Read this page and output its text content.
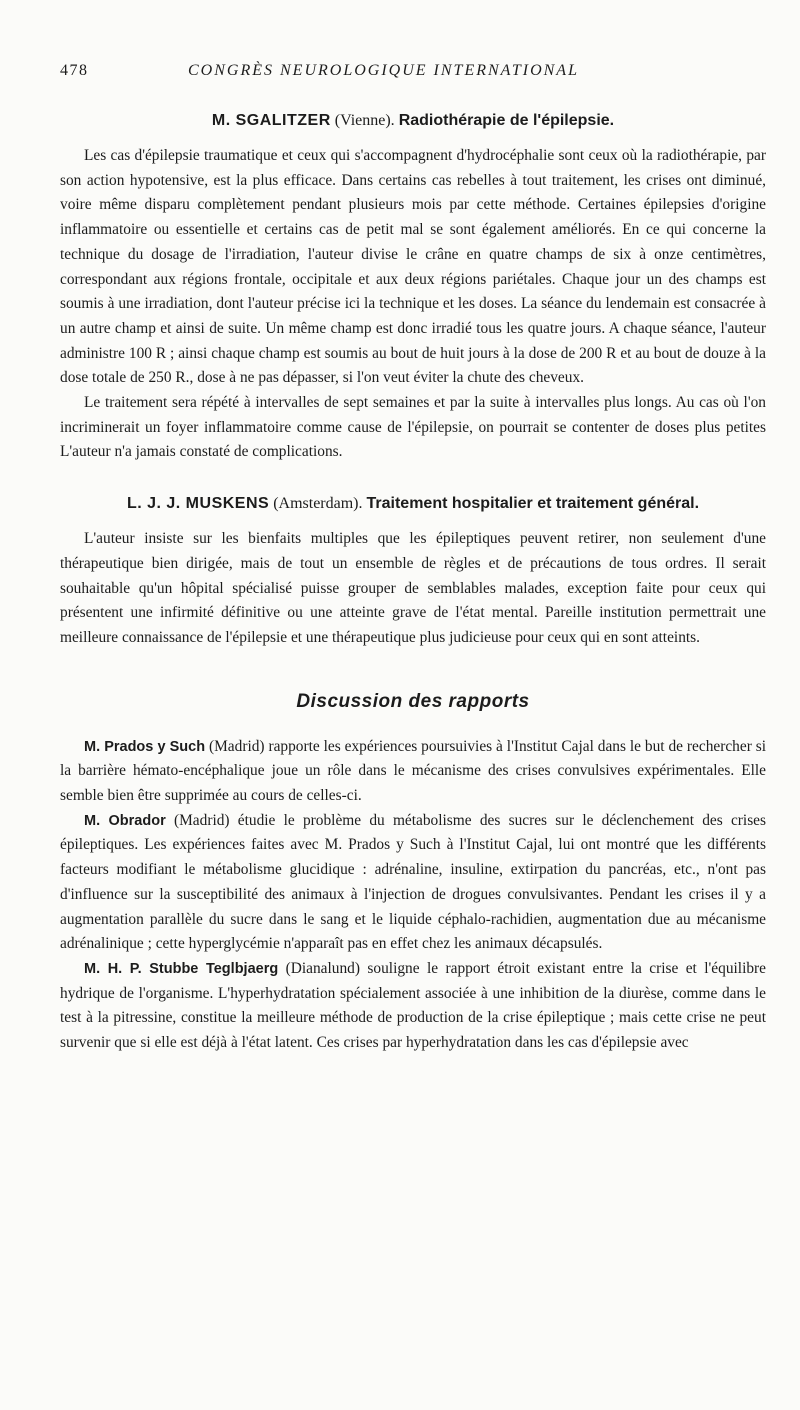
478	CONGRÈS NEUROLOGIQUE INTERNATIONAL
M. SGALITZER (Vienne). Radiothérapie de l'épilepsie.

Les cas d'épilepsie traumatique et ceux qui s'accompagnent d'hydrocéphalie sont ceux où la radiothérapie, par son action hypotensive, est la plus efficace. Dans certains cas rebelles à tout traitement, les crises ont diminué, voire même disparu complètement pendant plusieurs mois par cette méthode. Certaines épilepsies d'origine inflammatoire ou essentielle et certains cas de petit mal se sont également améliorés. En ce qui concerne la technique du dosage de l'irradiation, l'auteur divise le crâne en quatre champs de six à onze centimètres, correspondant aux régions frontale, occipitale et aux deux régions pariétales. Chaque jour un des champs est soumis à une irradiation, dont l'auteur précise ici la technique et les doses. La séance du lendemain est consacrée à un autre champ et ainsi de suite. Un même champ est donc irradié tous les quatre jours. A chaque séance, l'auteur administre 100 R ; ainsi chaque champ est soumis au bout de huit jours à la dose de 200 R et au bout de douze à la dose totale de 250 R., dose à ne pas dépasser, si l'on veut éviter la chute des cheveux.

Le traitement sera répété à intervalles de sept semaines et par la suite à intervalles plus longs. Au cas où l'on incriminerait un foyer inflammatoire comme cause de l'épilepsie, on pourrait se contenter de doses plus petites L'auteur n'a jamais constaté de complications.

L. J. J. MUSKENS (Amsterdam). Traitement hospitalier et traitement général.

L'auteur insiste sur les bienfaits multiples que les épileptiques peuvent retirer, non seulement d'une thérapeutique bien dirigée, mais de tout un ensemble de règles et de précautions de tous ordres. Il serait souhaitable qu'un hôpital spécialisé puisse grouper de semblables malades, exception faite pour ceux qui présentent une infirmité définitive ou une atteinte grave de l'état mental. Pareille institution permettrait une meilleure connaissance de l'épilepsie et une thérapeutique plus judicieuse pour ceux qui en sont atteints.

Discussion des rapports

M. Prados y Such (Madrid) rapporte les expériences poursuivies à l'Institut Cajal dans le but de rechercher si la barrière hémato-encéphalique joue un rôle dans le mécanisme des crises convulsives expérimentales. Elle semble bien être supprimée au cours de celles-ci.

M. Obrador (Madrid) étudie le problème du métabolisme des sucres sur le déclenchement des crises épileptiques. Les expériences faites avec M. Prados y Such à l'Institut Cajal, lui ont montré que les différents facteurs modifiant le métabolisme glucidique : adrénaline, insuline, extirpation du pancréas, etc., n'ont pas d'influence sur la susceptibilité des animaux à l'injection de drogues convulsivantes. Pendant les crises il y a augmentation parallèle du sucre dans le sang et le liquide céphalo-rachidien, augmentation due au mécanisme adrénalinique ; cette hyperglycémie n'apparaît pas en effet chez les animaux décapsulés.

M. H. P. Stubbe Teglbjaerg (Dianalund) souligne le rapport étroit existant entre la crise et l'équilibre hydrique de l'organisme. L'hyperhydratation spécialement associée à une inhibition de la diurèse, comme dans le test à la pitressine, constitue la meilleure méthode de production de la crise épileptique ; mais cette crise ne peut survenir que si elle est déjà à l'état latent. Ces crises par hyperhydratation dans les cas d'épilepsie avec
